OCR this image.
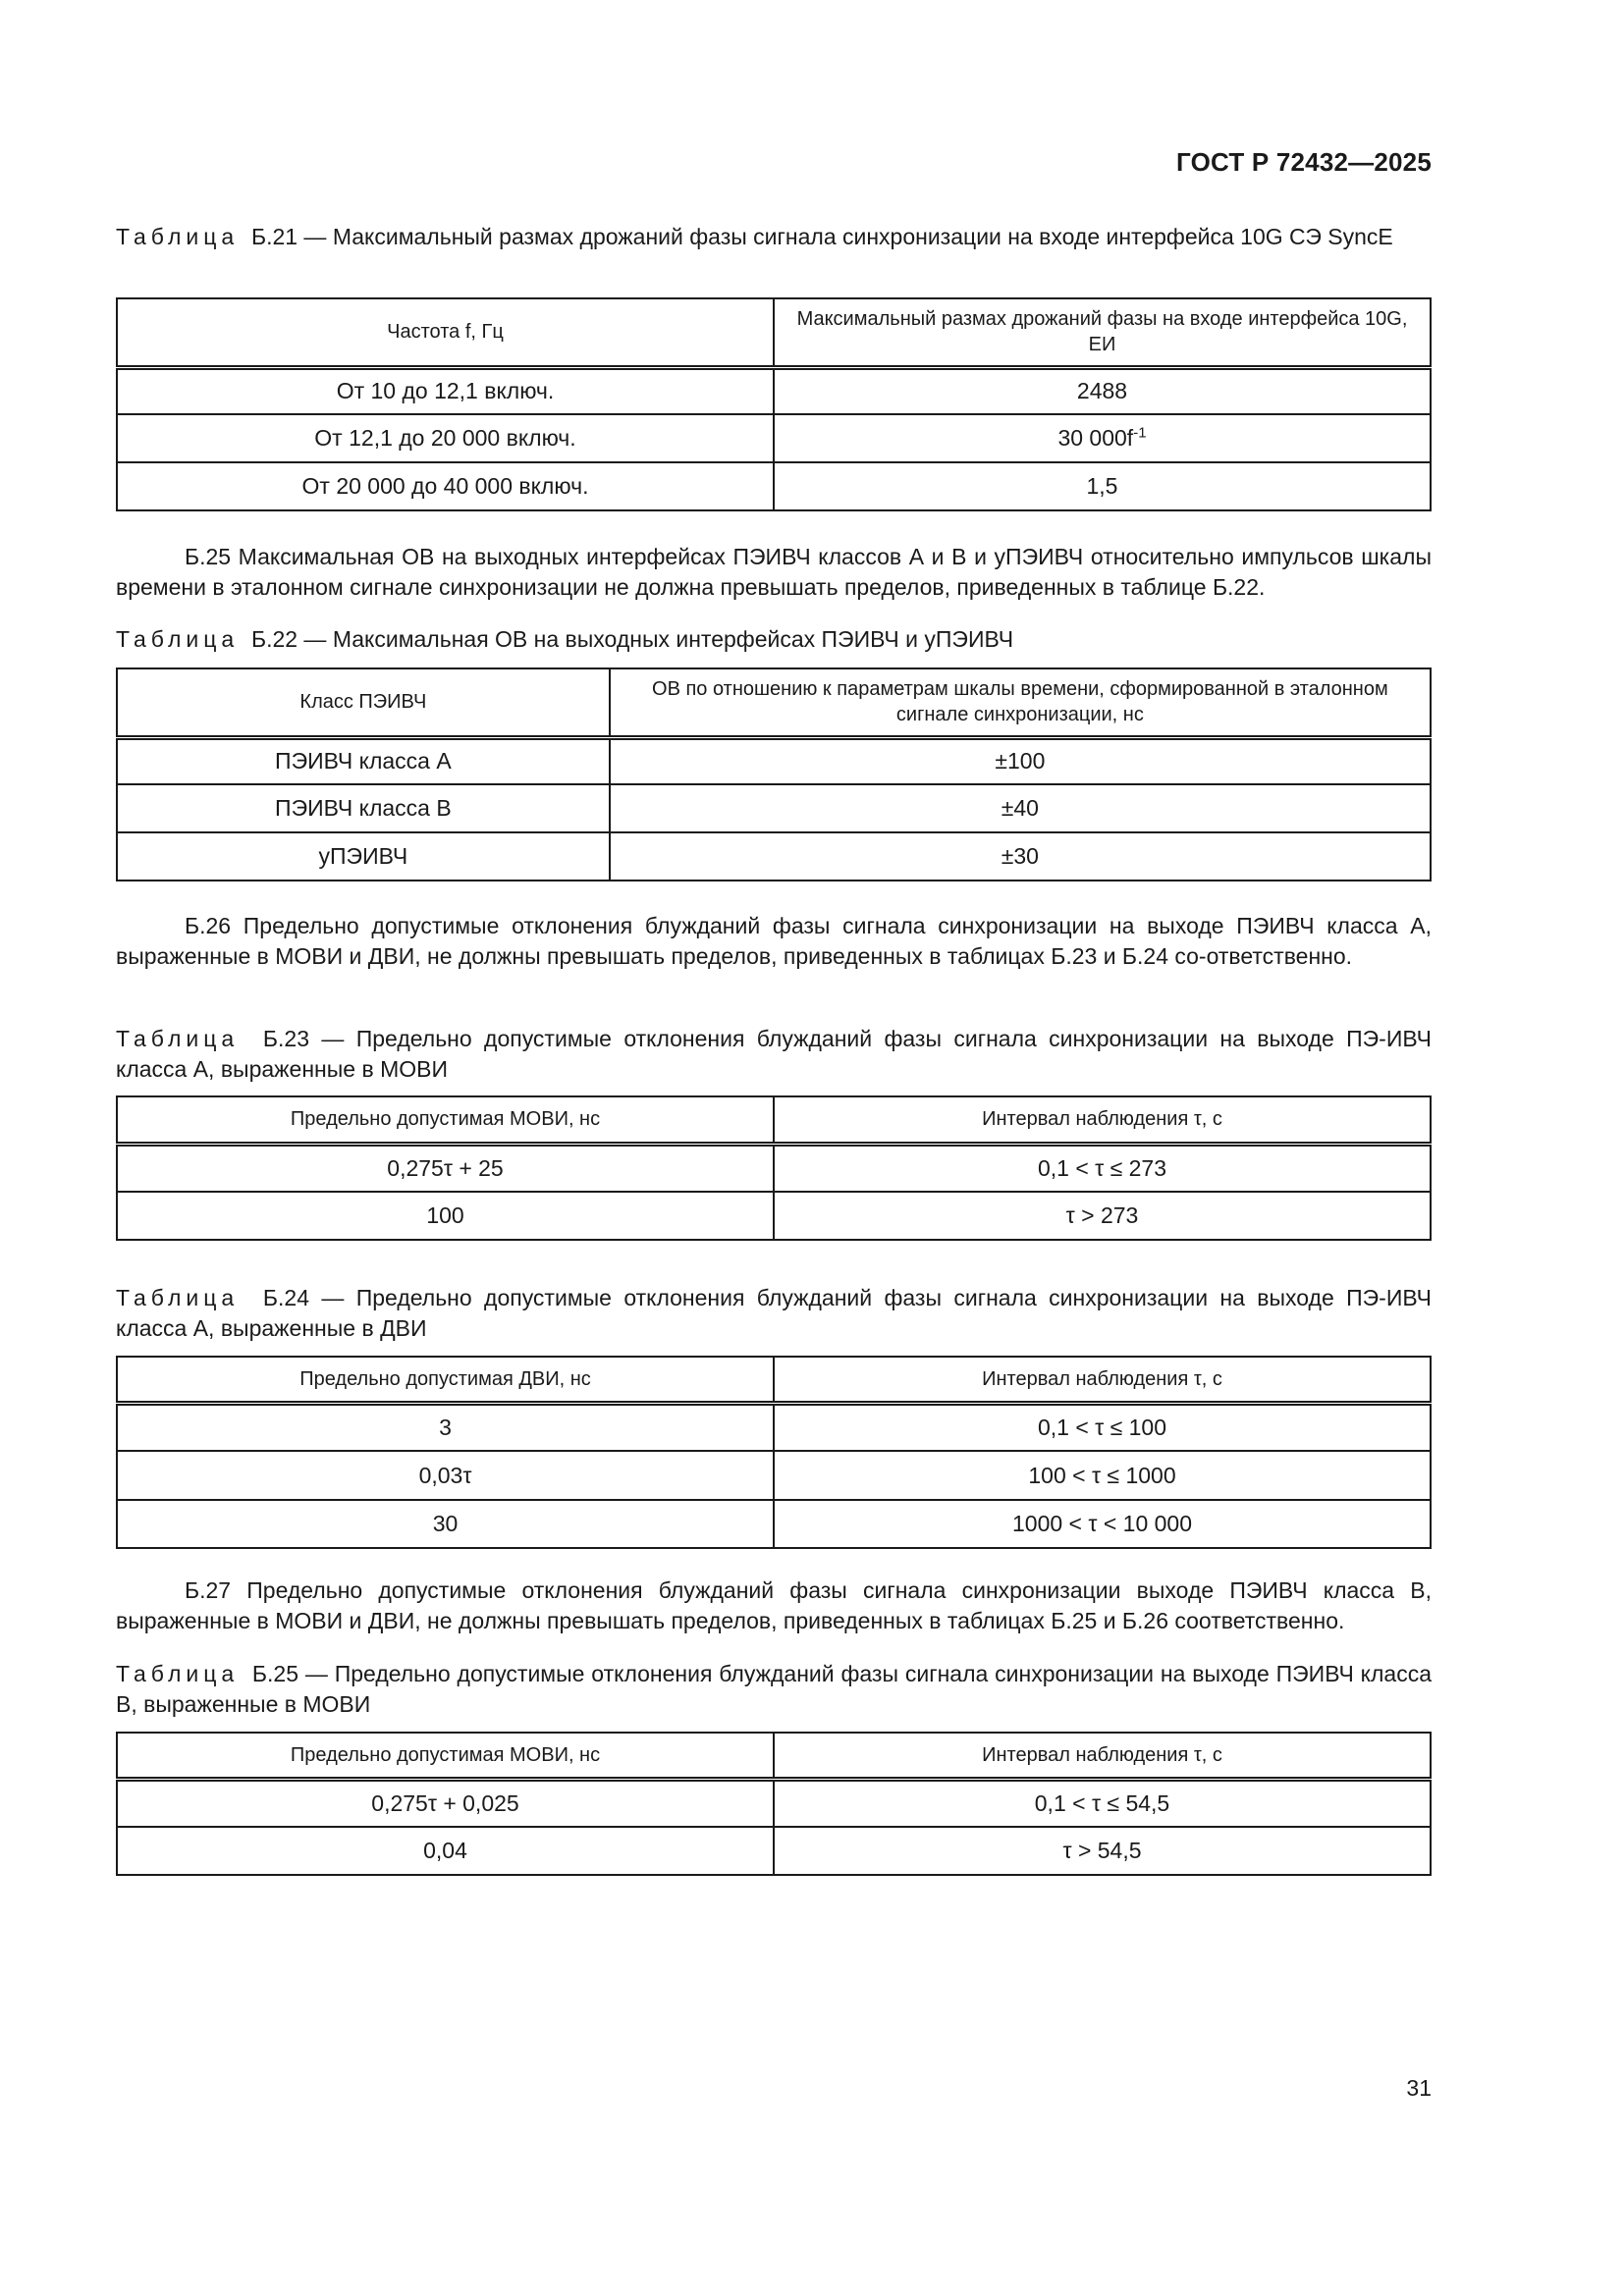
ГОСТ Р 72432—2025
Таблица Б.21 — Максимальный размах дрожаний фазы сигнала синхронизации на входе интерфейса 10G СЭ SyncE
Частота f, Гц	Максимальный размах дрожаний фазы на входе интерфейса 10G, ЕИ
От 10 до 12,1 включ.	2488
От 12,1 до 20 000 включ.	30 $000f^{-1}$
От 20 000 до 40 000 включ.	1,5
Б.25 Максимальная ОВ на выходных интерфейсах ПЭИВЧ классов А и В и уПЭИВЧ относительно импульсов шкалы времени в эталонном сигнале синхронизации не должна превышать пределов, приведенных в таблице Б.22.
Таблица Б.22 — Максимальная ОВ на выходных интерфейсах ПЭИВЧ и уПЭИВЧ
Класс ПЭИВЧ	ОВ по отношению к параметрам шкалы времени, сформированной в эталонном сигнале синхронизации, нс
ПЭИВЧ класса А	±100
ПЭИВЧ класса В	±40
уПЭИВЧ	±30
Б.26 Предельно допустимые отклонения блужданий фазы сигнала синхронизации на выходе ПЭИВЧ класса А, выраженные в МОВИ и ДВИ, не должны превышать пределов, приведенных в таблицах Б.23 и Б.24 со-ответственно.
Таблица Б.23 — Предельно допустимые отклонения блужданий фазы сигнала синхронизации на выходе ПЭ-ИВЧ класса А, выраженные в МОВИ
Предельно допустимая МОВИ, нс	Интервал наблюдения τ, с
0,275τ + 25	0,1 < τ ≤ 273
100	τ > 273
Таблица Б.24 — Предельно допустимые отклонения блужданий фазы сигнала синхронизации на выходе ПЭ-ИВЧ класса А, выраженные в ДВИ
Предельно допустимая ДВИ, нс	Интервал наблюдения τ, с
3	0,1 < τ ≤ 100
0,03τ	100 < τ ≤ 1000
30	1000 < τ < 10 000
Б.27 Предельно допустимые отклонения блужданий фазы сигнала синхронизации выходе ПЭИВЧ класса В, выраженные в МОВИ и ДВИ, не должны превышать пределов, приведенных в таблицах Б.25 и Б.26 соответственно.
Таблица Б.25 — Предельно допустимые отклонения блужданий фазы сигнала синхронизации на выходе ПЭИВЧ класса В, выраженные в МОВИ
Предельно допустимая МОВИ, нс	Интервал наблюдения τ, с
0,275τ + 0,025	0,1 < τ ≤ 54,5
0,04	τ > 54,5
31
